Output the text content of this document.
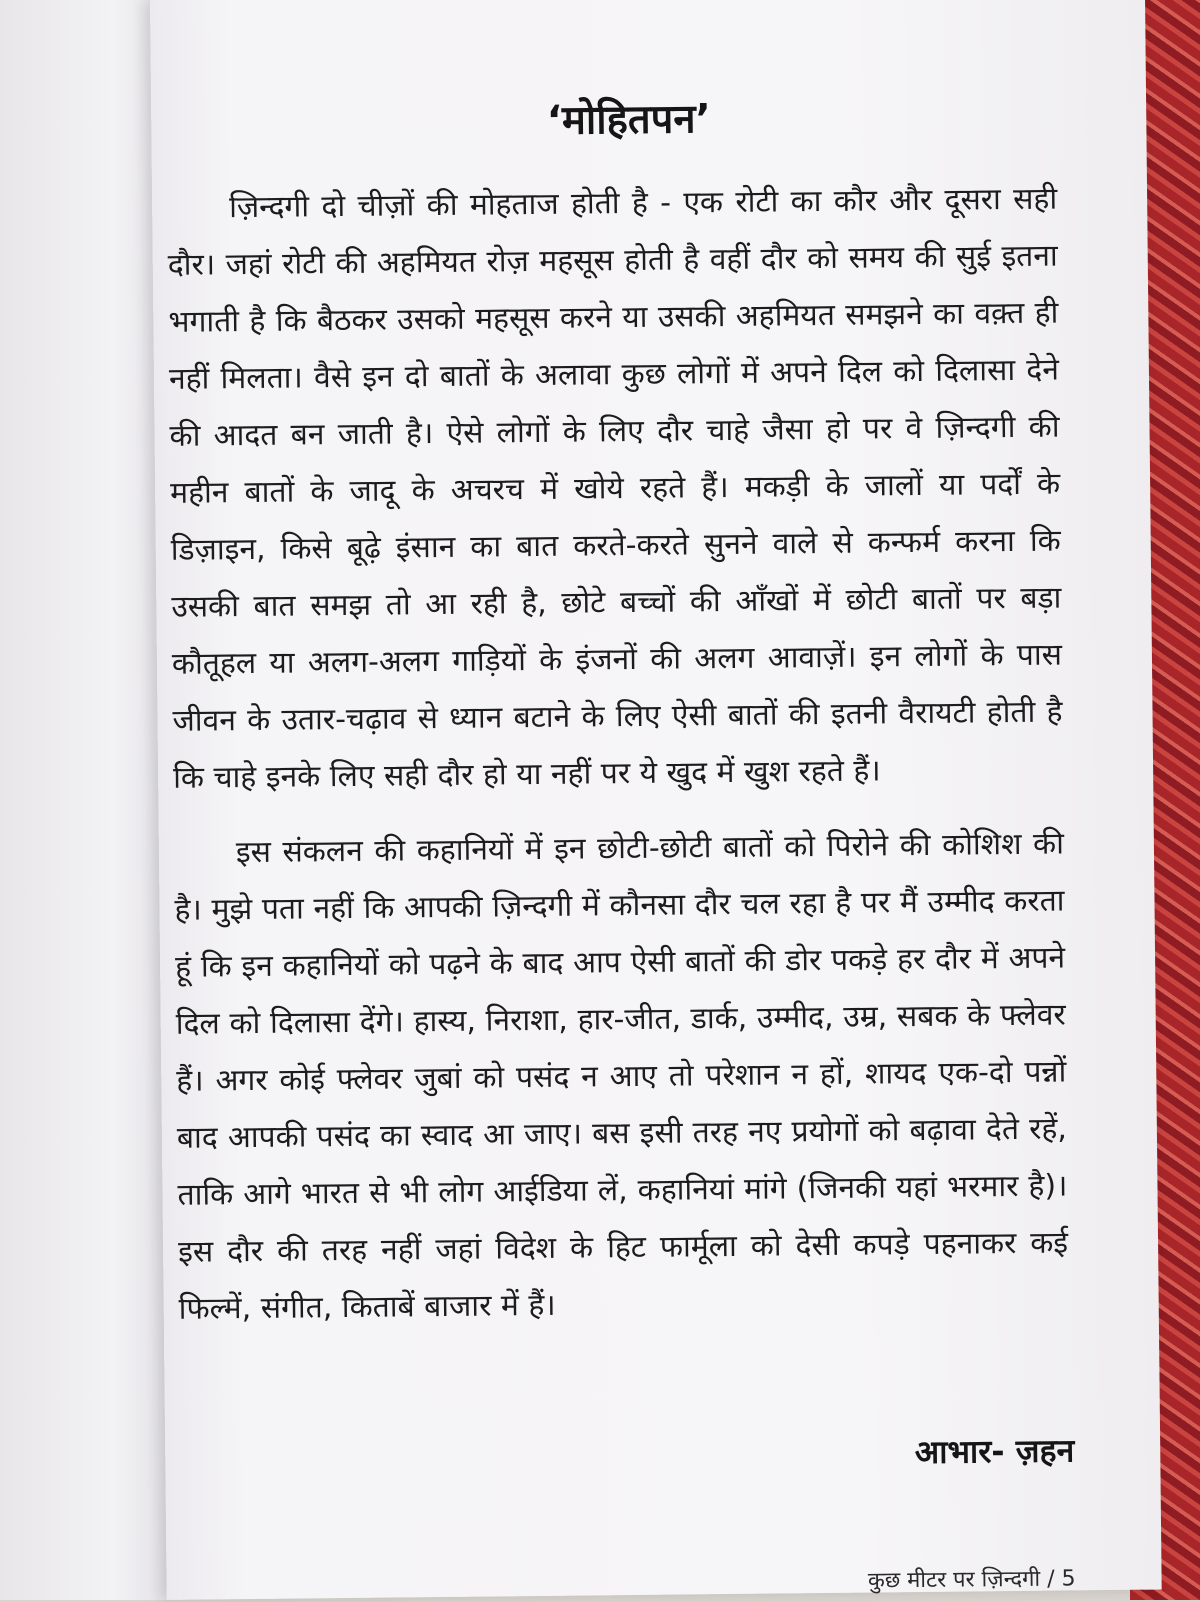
‘मोहितपन’

ज़िन्दगी दो चीज़ों की मोहताज होती है - एक रोटी का कौर और दूसरा सही दौर। जहां रोटी की अहमियत रोज़ महसूस होती है वहीं दौर को समय की सुई इतना भगाती है कि बैठकर उसको महसूस करने या उसकी अहमियत समझने का वक़्त ही नहीं मिलता। वैसे इन दो बातों के अलावा कुछ लोगों में अपने दिल को दिलासा देने की आदत बन जाती है। ऐसे लोगों के लिए दौर चाहे जैसा हो पर वे ज़िन्दगी की महीन बातों के जादू के अचरच में खोये रहते हैं। मकड़ी के जालों या पर्दों के डिज़ाइन, किसे बूढ़े इंसान का बात करते-करते सुनने वाले से कन्फर्म करना कि उसकी बात समझ तो आ रही है, छोटे बच्चों की आँखों में छोटी बातों पर बड़ा कौतूहल या अलग-अलग गाड़ियों के इंजनों की अलग आवाज़ें। इन लोगों के पास जीवन के उतार-चढ़ाव से ध्यान बटाने के लिए ऐसी बातों की इतनी वैरायटी होती है कि चाहे इनके लिए सही दौर हो या नहीं पर ये खुद में खुश रहते हैं।

इस संकलन की कहानियों में इन छोटी-छोटी बातों को पिरोने की कोशिश की है। मुझे पता नहीं कि आपकी ज़िन्दगी में कौनसा दौर चल रहा है पर मैं उम्मीद करता हूं कि इन कहानियों को पढ़ने के बाद आप ऐसी बातों की डोर पकड़े हर दौर में अपने दिल को दिलासा देंगे। हास्य, निराशा, हार-जीत, डार्क, उम्मीद, उम्र, सबक के फ्लेवर हैं। अगर कोई फ्लेवर जुबां को पसंद न आए तो परेशान न हों, शायद एक-दो पन्नों बाद आपकी पसंद का स्वाद आ जाए। बस इसी तरह नए प्रयोगों को बढ़ावा देते रहें, ताकि आगे भारत से भी लोग आईडिया लें, कहानियां मांगे (जिनकी यहां भरमार है)। इस दौर की तरह नहीं जहां विदेश के हिट फार्मूला को देसी कपड़े पहनाकर कई फिल्में, संगीत, किताबें बाजार में हैं।

आभार- ज़हन
कुछ मीटर पर ज़िन्दगी / 5
